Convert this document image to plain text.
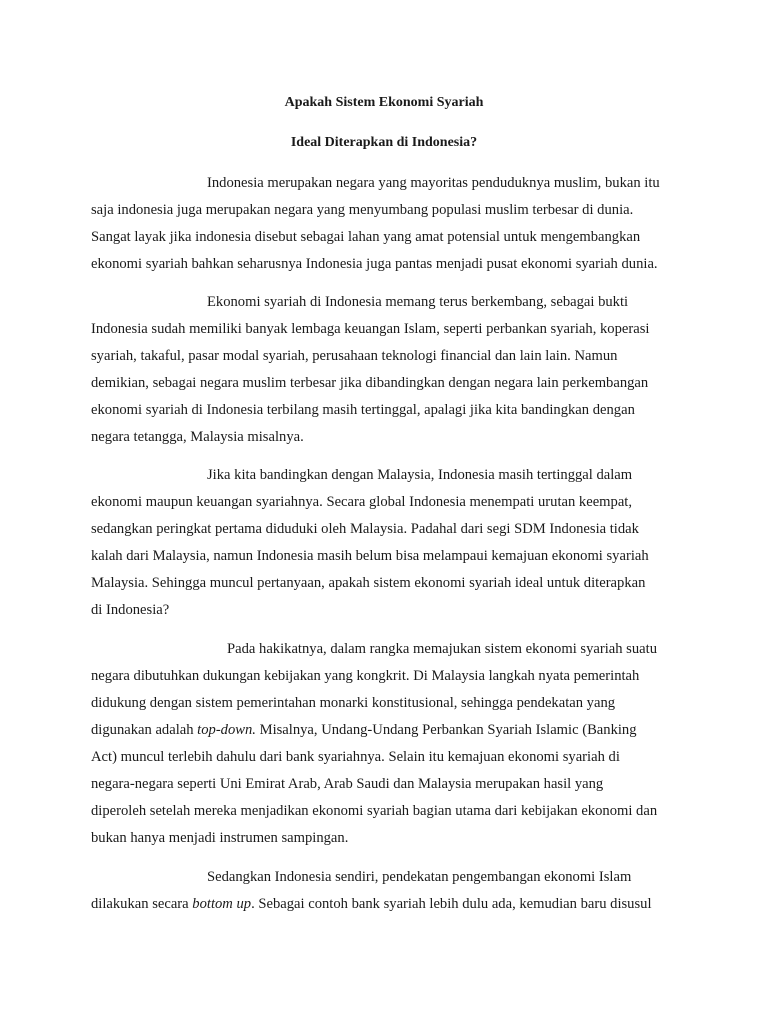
Apakah Sistem Ekonomi Syariah
Ideal Diterapkan di Indonesia?
Indonesia merupakan negara yang mayoritas penduduknya muslim, bukan itu
saja indonesia juga merupakan negara yang menyumbang populasi muslim terbesar di dunia.
Sangat layak jika indonesia disebut sebagai lahan yang amat potensial untuk mengembangkan
ekonomi syariah bahkan seharusnya Indonesia juga pantas menjadi pusat ekonomi syariah dunia.
Ekonomi syariah di Indonesia memang terus berkembang, sebagai bukti
Indonesia sudah memiliki banyak lembaga keuangan Islam, seperti perbankan syariah, koperasi
syariah, takaful, pasar modal syariah, perusahaan teknologi financial dan lain lain. Namun
demikian, sebagai negara muslim terbesar jika dibandingkan dengan negara lain perkembangan
ekonomi syariah di Indonesia terbilang masih tertinggal, apalagi jika kita bandingkan dengan
negara tetangga, Malaysia misalnya.
Jika kita bandingkan dengan Malaysia, Indonesia masih tertinggal dalam
ekonomi maupun keuangan syariahnya. Secara global Indonesia menempati urutan keempat,
sedangkan peringkat pertama diduduki oleh Malaysia. Padahal dari segi SDM Indonesia tidak
kalah dari Malaysia, namun Indonesia masih belum bisa melampaui kemajuan ekonomi syariah
Malaysia. Sehingga muncul pertanyaan, apakah sistem ekonomi syariah ideal untuk diterapkan
di Indonesia?
Pada hakikatnya, dalam rangka memajukan sistem ekonomi syariah suatu
negara dibutuhkan dukungan kebijakan yang kongkrit. Di Malaysia langkah nyata pemerintah
didukung dengan sistem pemerintahan monarki konstitusional, sehingga pendekatan yang
digunakan adalah top-down. Misalnya, Undang-Undang Perbankan Syariah Islamic (Banking
Act) muncul terlebih dahulu dari bank syariahnya. Selain itu kemajuan ekonomi syariah di
negara-negara seperti Uni Emirat Arab, Arab Saudi dan Malaysia merupakan hasil yang
diperoleh setelah mereka menjadikan ekonomi syariah bagian utama dari kebijakan ekonomi dan
bukan hanya menjadi instrumen sampingan.
Sedangkan Indonesia sendiri, pendekatan pengembangan ekonomi Islam
dilakukan secara bottom up. Sebagai contoh bank syariah lebih dulu ada, kemudian baru disusul
